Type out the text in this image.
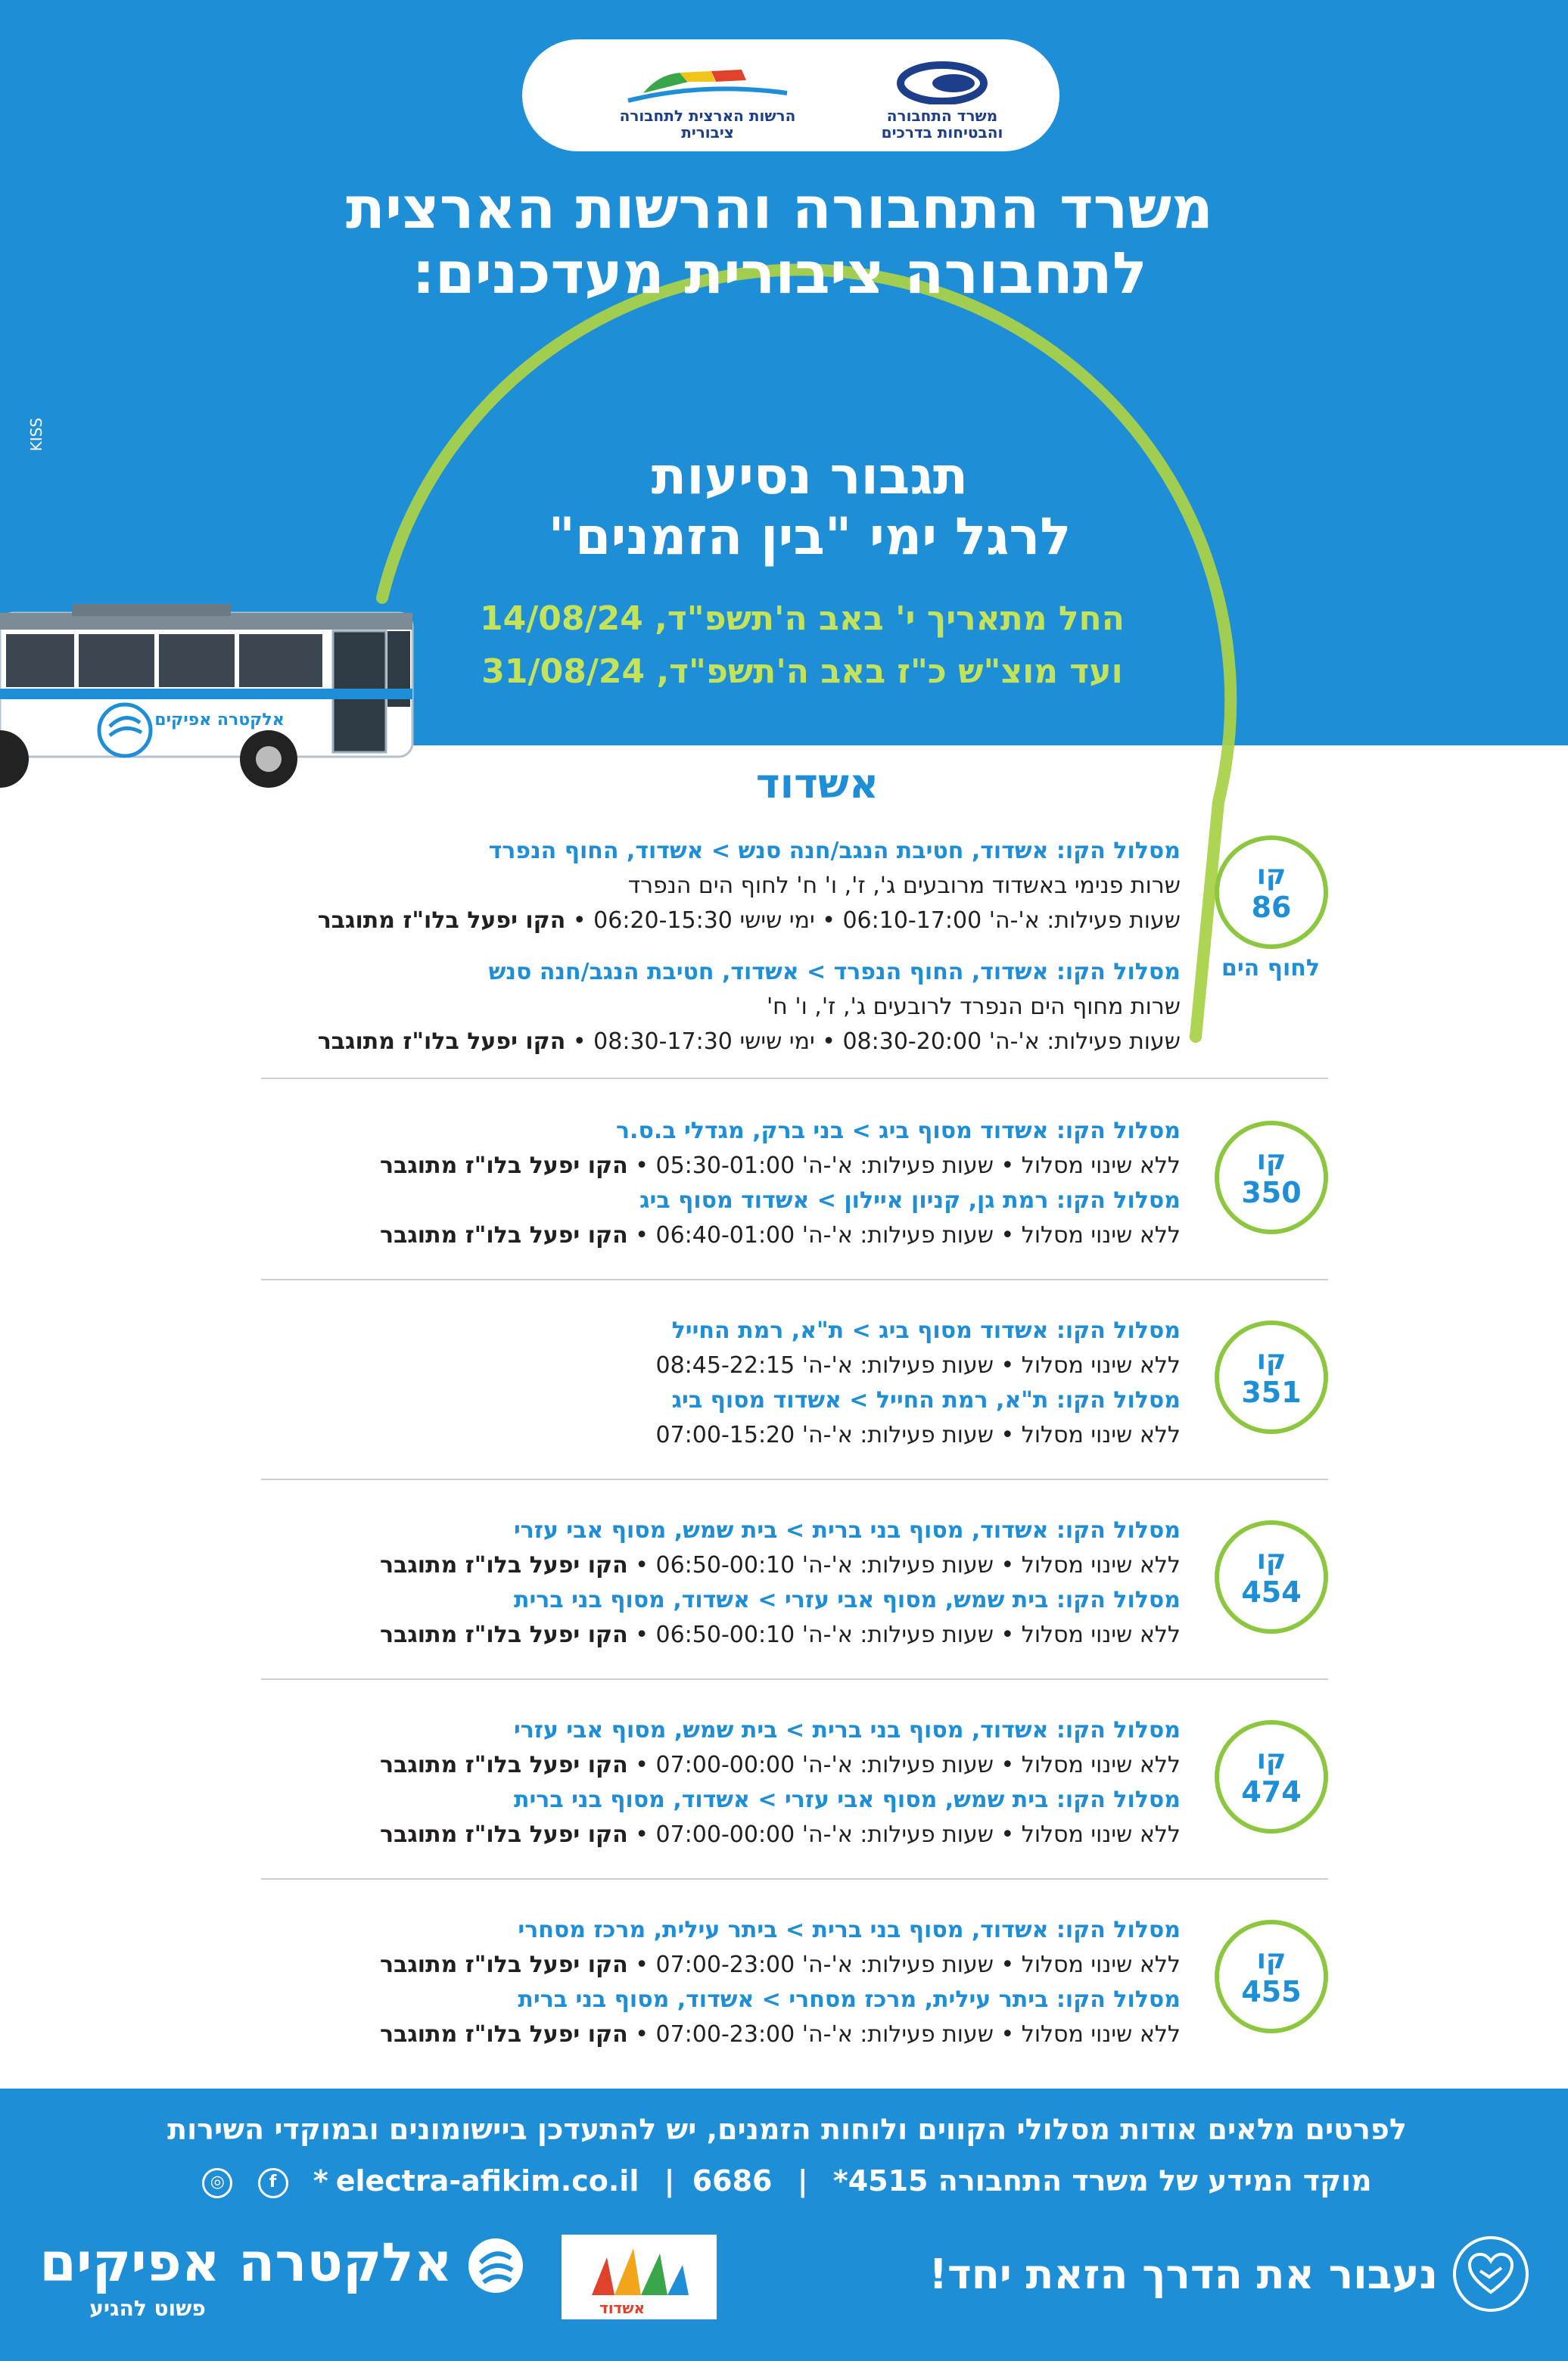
הרשות הארצית לתחבורה ציבורית
משרד התחבורה והבטיחות בדרכים
משרד התחבורה והרשות הארצית
לתחבורה ציבורית מעדכנים:
KISS
תגבור נסיעות
לרגל ימי "בין הזמנים"
החל מתאריך י' באב ה'תשפ"ד, 14/08/24
ועד מוצ"ש כ"ז באב ה'תשפ"ד, 31/08/24
אלקטרה אפיקים
אשדוד
קו
86
לחוף הים
מסלול הקו: אשדוד, חטיבת הנגב/חנה סנש > אשדוד, החוף הנפרד
שרות פנימי באשדוד מרובעים ג', ז', ו' ח' לחוף הים הנפרד
שעות פעילות: א'-ה' 06:10-17:00 • ימי שישי 06:20-15:30 • הקו יפעל בלו"ז מתוגבר
מסלול הקו: אשדוד, החוף הנפרד > אשדוד, חטיבת הנגב/חנה סנש
שרות מחוף הים הנפרד לרובעים ג', ז', ו' ח'
שעות פעילות: א'-ה' 08:30-20:00 • ימי שישי 08:30-17:30 • הקו יפעל בלו"ז מתוגבר
קו
350
מסלול הקו: אשדוד מסוף ביג > בני ברק, מגדלי ב.ס.ר
ללא שינוי מסלול • שעות פעילות: א'-ה' 05:30-01:00 • הקו יפעל בלו"ז מתוגבר
מסלול הקו: רמת גן, קניון איילון > אשדוד מסוף ביג
ללא שינוי מסלול • שעות פעילות: א'-ה' 06:40-01:00 • הקו יפעל בלו"ז מתוגבר
קו
351
מסלול הקו: אשדוד מסוף ביג > ת"א, רמת החייל
ללא שינוי מסלול • שעות פעילות: א'-ה' 08:45-22:15
מסלול הקו: ת"א, רמת החייל > אשדוד מסוף ביג
ללא שינוי מסלול • שעות פעילות: א'-ה' 07:00-15:20
קו
454
מסלול הקו: אשדוד, מסוף בני ברית > בית שמש, מסוף אבי עזרי
ללא שינוי מסלול • שעות פעילות: א'-ה' 06:50-00:10 • הקו יפעל בלו"ז מתוגבר
מסלול הקו: בית שמש, מסוף אבי עזרי > אשדוד, מסוף בני ברית
ללא שינוי מסלול • שעות פעילות: א'-ה' 06:50-00:10 • הקו יפעל בלו"ז מתוגבר
קו
474
מסלול הקו: אשדוד, מסוף בני ברית > בית שמש, מסוף אבי עזרי
ללא שינוי מסלול • שעות פעילות: א'-ה' 07:00-00:00 • הקו יפעל בלו"ז מתוגבר
מסלול הקו: בית שמש, מסוף אבי עזרי > אשדוד, מסוף בני ברית
ללא שינוי מסלול • שעות פעילות: א'-ה' 07:00-00:00 • הקו יפעל בלו"ז מתוגבר
קו
455
מסלול הקו: אשדוד, מסוף בני ברית > ביתר עילית, מרכז מסחרי
ללא שינוי מסלול • שעות פעילות: א'-ה' 07:00-23:00 • הקו יפעל בלו"ז מתוגבר
מסלול הקו: ביתר עילית, מרכז מסחרי > אשדוד, מסוף בני ברית
ללא שינוי מסלול • שעות פעילות: א'-ה' 07:00-23:00 • הקו יפעל בלו"ז מתוגבר
לפרטים מלאים אודות מסלולי הקווים ולוחות הזמנים, יש להתעדכן ביישומונים ובמוקדי השירות
מוקד המידע של משרד התחבורה 4515* | electra-afikim.co.il | 6686* f ◎
נעבור את הדרך הזאת יחד!
אשדוד
אלקטרה אפיקים
פשוט להגיע
